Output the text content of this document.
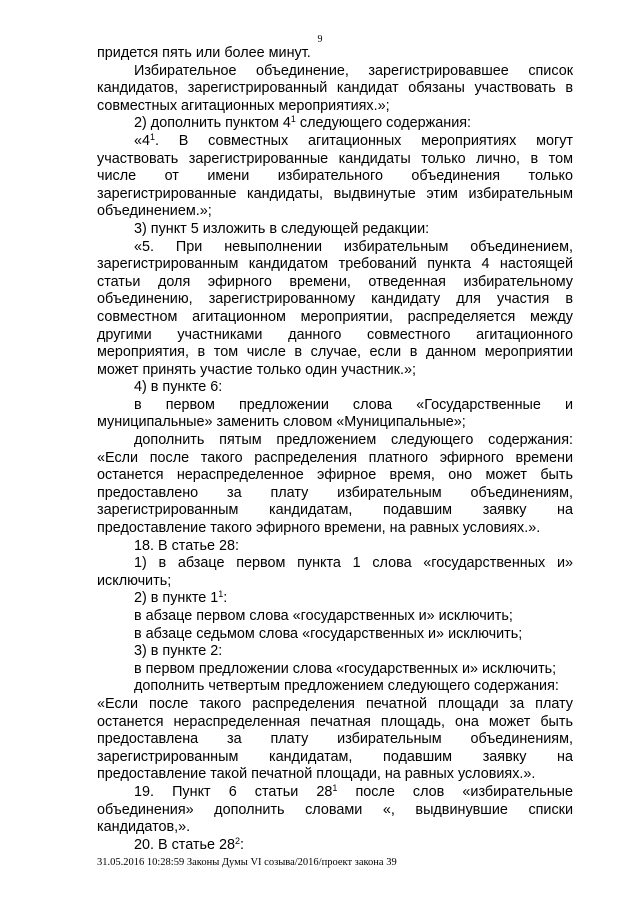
9
придется пять или более минут.
Избирательное объединение, зарегистрировавшее список
кандидатов, зарегистрированный кандидат обязаны участвовать в
совместных агитационных мероприятиях.»;
2) дополнить пунктом $4^1$ следующего содержания:
«$4^1$. В совместных агитационных мероприятиях могут
участвовать зарегистрированные кандидаты только лично, в том
числе от имени избирательного объединения только
зарегистрированные кандидаты, выдвинутые этим избирательным
объединением.»;
3) пункт 5 изложить в следующей редакции:
«5. При невыполнении избирательным объединением,
зарегистрированным кандидатом требований пункта 4 настоящей
статьи доля эфирного времени, отведенная избирательному
объединению, зарегистрированному кандидату для участия в
совместном агитационном мероприятии, распределяется между
другими участниками данного совместного агитационного
мероприятия, в том числе в случае, если в данном мероприятии
может принять участие только один участник.»;
4) в пункте 6:
в первом предложении слова «Государственные и
муниципальные» заменить словом «Муниципальные»;
дополнить пятым предложением следующего содержания:
«Если после такого распределения платного эфирного времени
останется нераспределенное эфирное время, оно может быть
предоставлено за плату избирательным объединениям,
зарегистрированным кандидатам, подавшим заявку на
предоставление такого эфирного времени, на равных условиях.».
18. В статье 28:
1) в абзаце первом пункта 1 слова «государственных и»
исключить;
2) в пункте $1^1$:
в абзаце первом слова «государственных и» исключить;
в абзаце седьмом слова «государственных и» исключить;
3) в пункте 2:
в первом предложении слова «государственных и» исключить;
дополнить четвертым предложением следующего содержания:
«Если после такого распределения печатной площади за плату
останется нераспределенная печатная площадь, она может быть
предоставлена за плату избирательным объединениям,
зарегистрированным кандидатам, подавшим заявку на
предоставление такой печатной площади, на равных условиях.».
19. Пункт 6 статьи $28^1$ после слов «избирательные
объединения» дополнить словами «, выдвинувшие списки
кандидатов,».
20. В статье $28^2$:
31.05.2016 10:28:59 Законы Думы VI созыва/2016/проект закона 39
